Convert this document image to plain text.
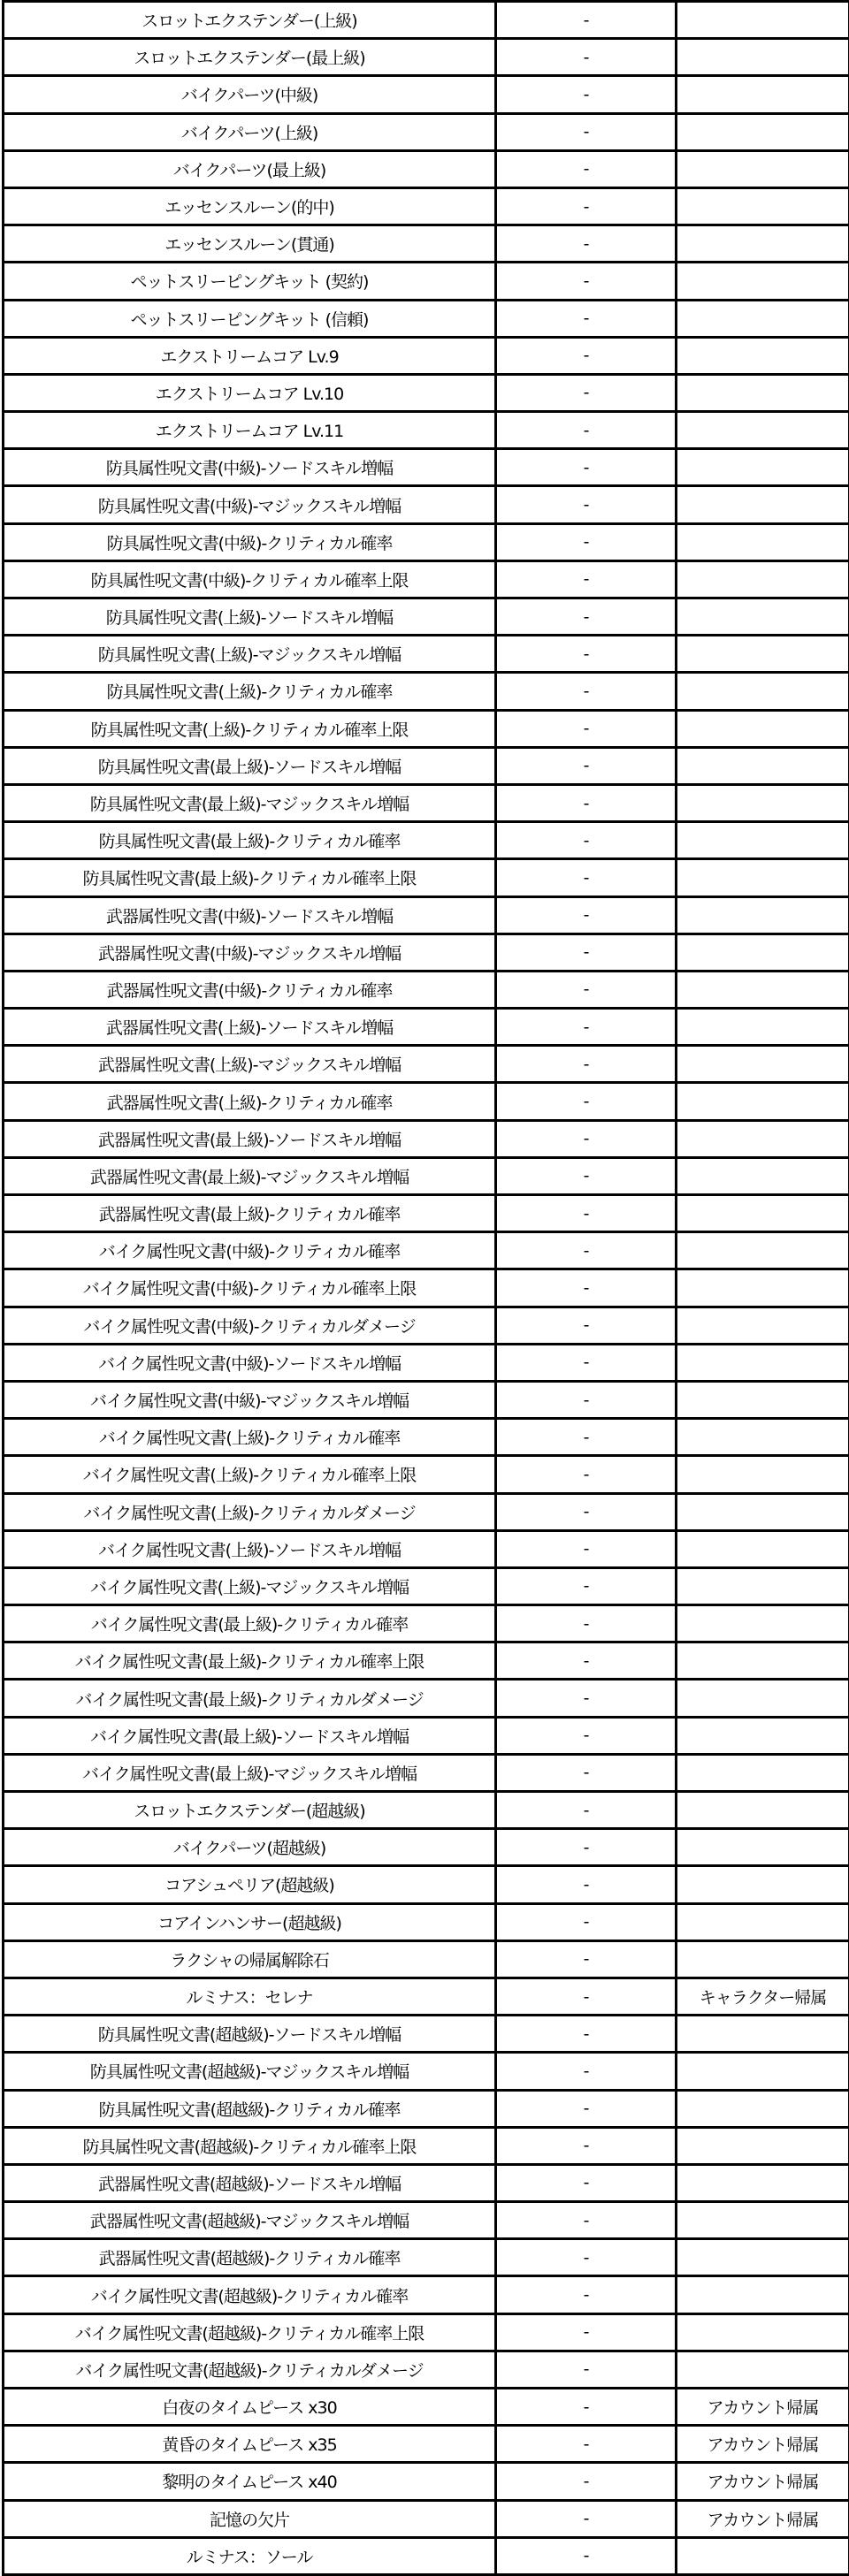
スロットエクステンダー(上級)	-	
スロットエクステンダー(最上級)	-	
バイクパーツ(中級)	-	
バイクパーツ(上級)	-	
バイクパーツ(最上級)	-	
エッセンスルーン(的中)	-	
エッセンスルーン(貫通)	-	
ペットスリーピングキット (契約)	-	
ペットスリーピングキット (信頼)	-	
エクストリームコア Lv.9	-	
エクストリームコア Lv.10	-	
エクストリームコア Lv.11	-	
防具属性呪文書(中級)-ソードスキル増幅	-	
防具属性呪文書(中級)-マジックスキル増幅	-	
防具属性呪文書(中級)-クリティカル確率	-	
防具属性呪文書(中級)-クリティカル確率上限	-	
防具属性呪文書(上級)-ソードスキル増幅	-	
防具属性呪文書(上級)-マジックスキル増幅	-	
防具属性呪文書(上級)-クリティカル確率	-	
防具属性呪文書(上級)-クリティカル確率上限	-	
防具属性呪文書(最上級)-ソードスキル増幅	-	
防具属性呪文書(最上級)-マジックスキル増幅	-	
防具属性呪文書(最上級)-クリティカル確率	-	
防具属性呪文書(最上級)-クリティカル確率上限	-	
武器属性呪文書(中級)-ソードスキル増幅	-	
武器属性呪文書(中級)-マジックスキル増幅	-	
武器属性呪文書(中級)-クリティカル確率	-	
武器属性呪文書(上級)-ソードスキル増幅	-	
武器属性呪文書(上級)-マジックスキル増幅	-	
武器属性呪文書(上級)-クリティカル確率	-	
武器属性呪文書(最上級)-ソードスキル増幅	-	
武器属性呪文書(最上級)-マジックスキル増幅	-	
武器属性呪文書(最上級)-クリティカル確率	-	
バイク属性呪文書(中級)-クリティカル確率	-	
バイク属性呪文書(中級)-クリティカル確率上限	-	
バイク属性呪文書(中級)-クリティカルダメージ	-	
バイク属性呪文書(中級)-ソードスキル増幅	-	
バイク属性呪文書(中級)-マジックスキル増幅	-	
バイク属性呪文書(上級)-クリティカル確率	-	
バイク属性呪文書(上級)-クリティカル確率上限	-	
バイク属性呪文書(上級)-クリティカルダメージ	-	
バイク属性呪文書(上級)-ソードスキル増幅	-	
バイク属性呪文書(上級)-マジックスキル増幅	-	
バイク属性呪文書(最上級)-クリティカル確率	-	
バイク属性呪文書(最上級)-クリティカル確率上限	-	
バイク属性呪文書(最上級)-クリティカルダメージ	-	
バイク属性呪文書(最上級)-ソードスキル増幅	-	
バイク属性呪文書(最上級)-マジックスキル増幅	-	
スロットエクステンダー(超越級)	-	
バイクパーツ(超越級)	-	
コアシュペリア(超越級)	-	
コアインハンサー(超越級)	-	
ラクシャの帰属解除石	-	
ルミナス：セレナ	-	キャラクター帰属
防具属性呪文書(超越級)-ソードスキル増幅	-	
防具属性呪文書(超越級)-マジックスキル増幅	-	
防具属性呪文書(超越級)-クリティカル確率	-	
防具属性呪文書(超越級)-クリティカル確率上限	-	
武器属性呪文書(超越級)-ソードスキル増幅	-	
武器属性呪文書(超越級)-マジックスキル増幅	-	
武器属性呪文書(超越級)-クリティカル確率	-	
バイク属性呪文書(超越級)-クリティカル確率	-	
バイク属性呪文書(超越級)-クリティカル確率上限	-	
バイク属性呪文書(超越級)-クリティカルダメージ	-	
白夜のタイムピース x30	-	アカウント帰属
黄昏のタイムピース x35	-	アカウント帰属
黎明のタイムピース x40	-	アカウント帰属
記憶の欠片	-	アカウント帰属
ルミナス：ソール	-	
